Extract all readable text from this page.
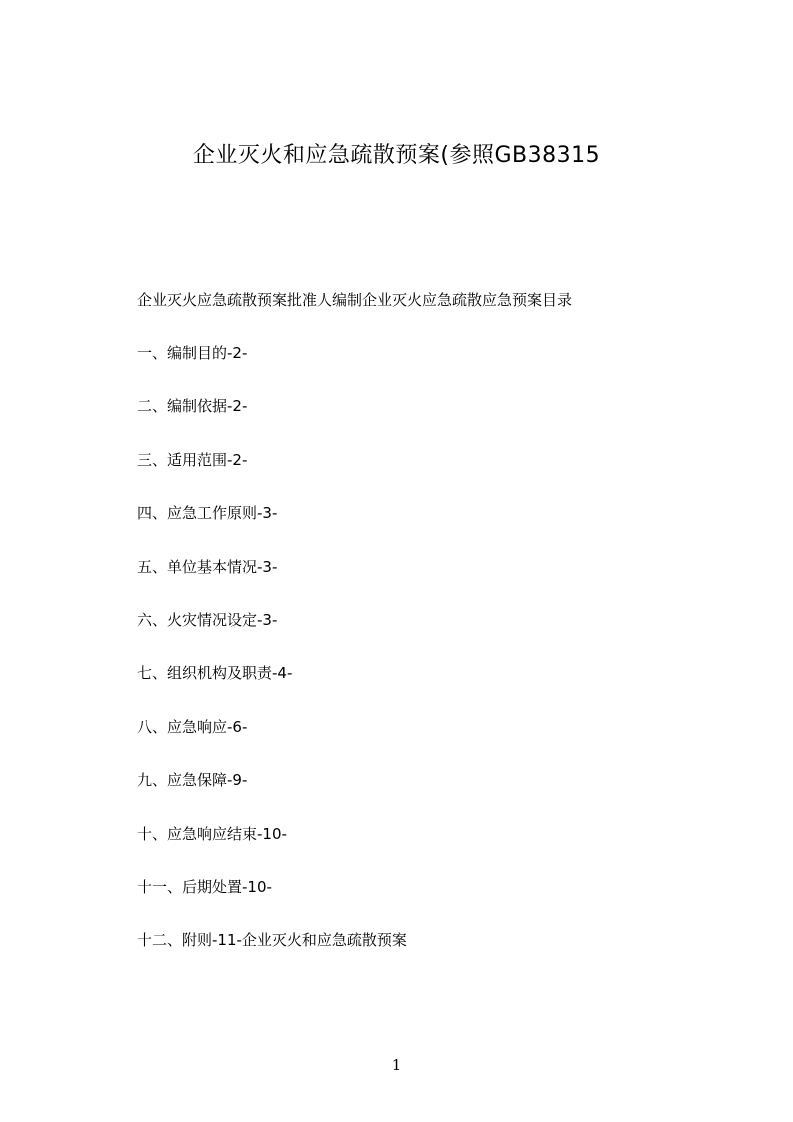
企业灭火和应急疏散预案(参照GB38315
企业灭火应急疏散预案批准人编制企业灭火应急疏散应急预案目录
一、编制目的-2-
二、编制依据-2-
三、适用范围-2-
四、应急工作原则-3-
五、单位基本情况-3-
六、火灾情况设定-3-
七、组织机构及职责-4-
八、应急响应-6-
九、应急保障-9-
十、应急响应结束-10-
十一、后期处置-10-
十二、附则-11-企业灭火和应急疏散预案
1
